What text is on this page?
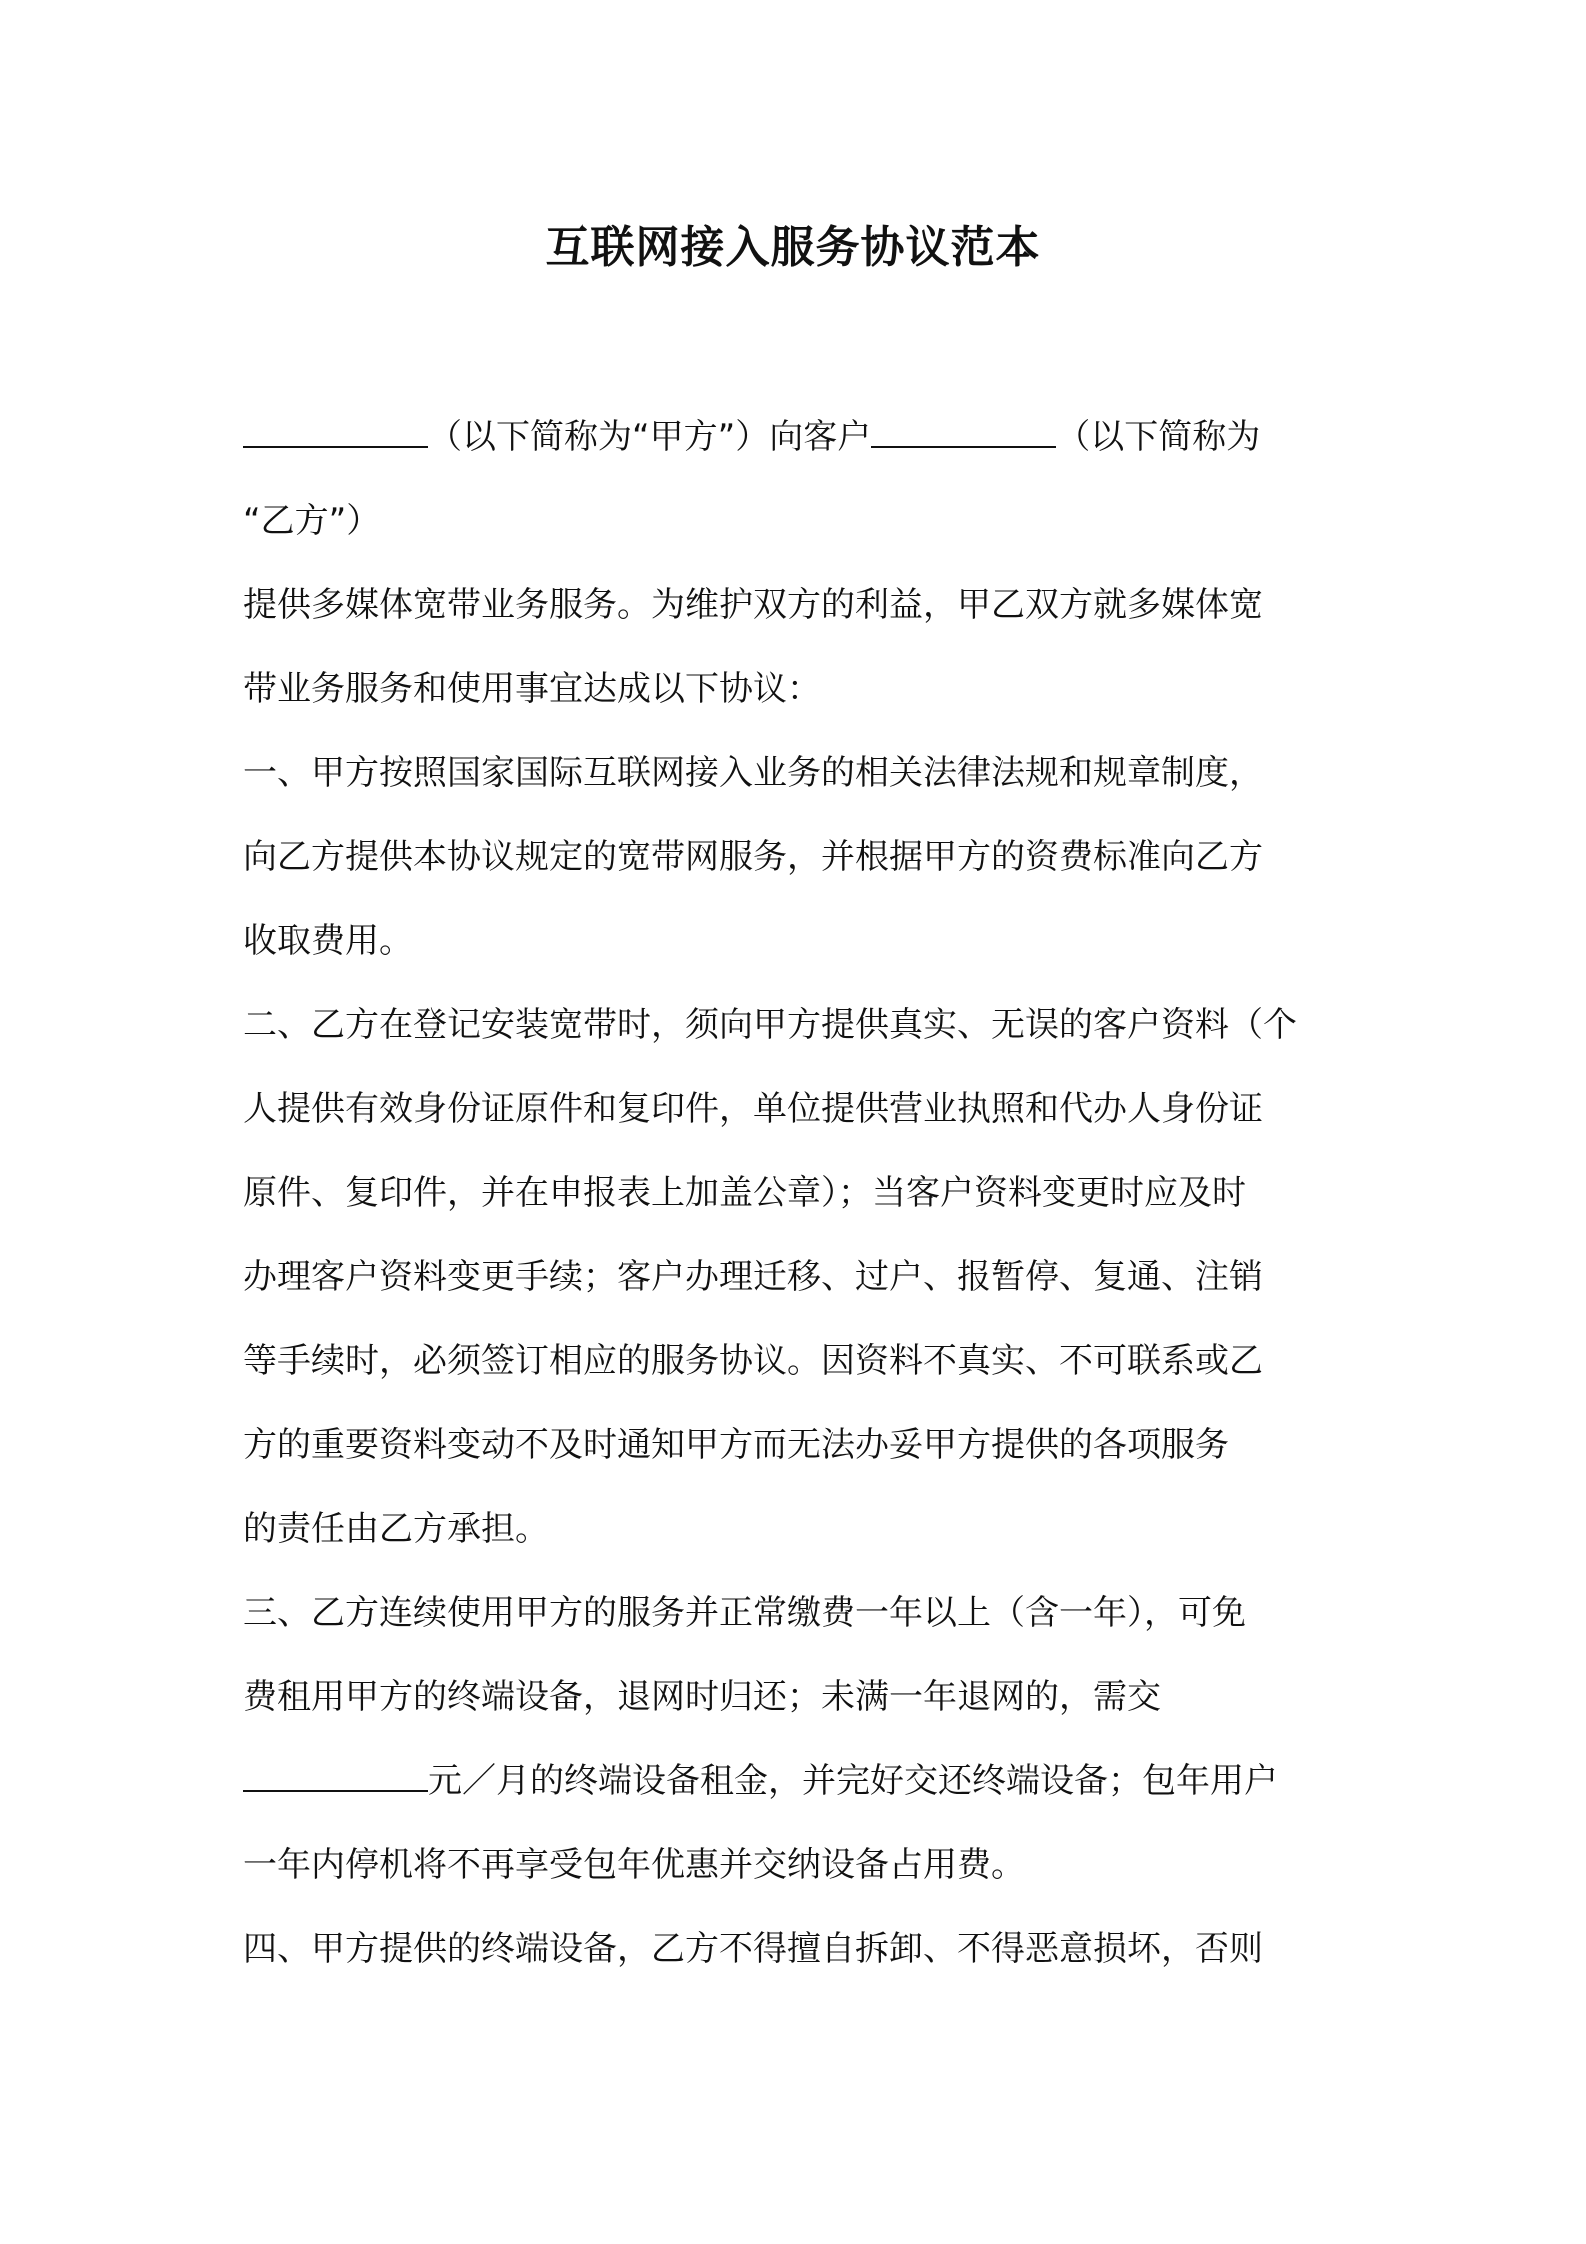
互联网接入服务协议范本
（以下简称为“甲方”）向客户	（以下简称为
“乙方”）
提供多媒体宽带业务服务。为维护双方的利益，甲乙双方就多媒体宽
带业务服务和使用事宜达成以下协议：
一、甲方按照国家国际互联网接入业务的相关法律法规和规章制度，
向乙方提供本协议规定的宽带网服务，并根据甲方的资费标准向乙方
收取费用。
二、乙方在登记安装宽带时，须向甲方提供真实、无误的客户资料（个
人提供有效身份证原件和复印件，单位提供营业执照和代办人身份证
原件、复印件，并在申报表上加盖公章）；当客户资料变更时应及时
办理客户资料变更手续；客户办理迁移、过户、报暂停、复通、注销
等手续时，必须签订相应的服务协议。因资料不真实、不可联系或乙
方的重要资料变动不及时通知甲方而无法办妥甲方提供的各项服务
的责任由乙方承担。
三、乙方连续使用甲方的服务并正常缴费一年以上（含一年），可免
费租用甲方的终端设备，退网时归还；未满一年退网的，需交
元／月的终端设备租金，并完好交还终端设备；包年用户
一年内停机将不再享受包年优惠并交纳设备占用费。
四、甲方提供的终端设备，乙方不得擅自拆卸、不得恶意损坏，否则
